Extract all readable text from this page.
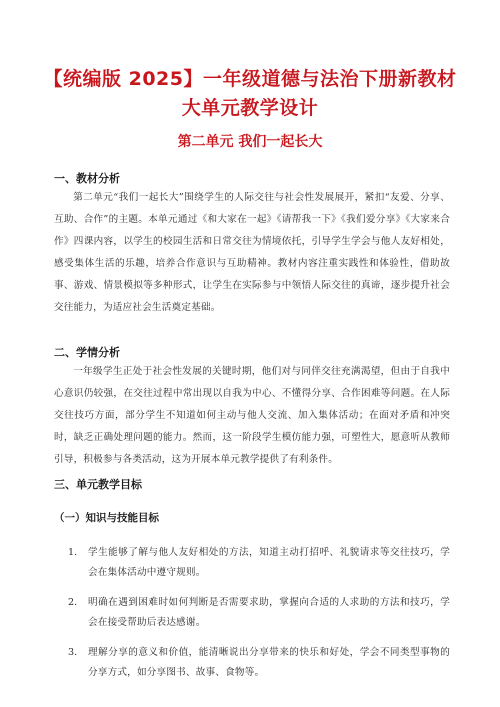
【统编版 2025】一年级道德与法治下册新教材
大单元教学设计
第二单元 我们一起长大
一、教材分析
第二单元“我们一起长大”围绕学生的人际交往与社会性发展展开，紧扣“友爱、分享、互助、合作”的主题。本单元通过《和大家在一起》《请帮我一下》《我们爱分享》《大家来合作》四课内容，以学生的校园生活和日常交往为情境依托，引导学生学会与他人友好相处，感受集体生活的乐趣，培养合作意识与互助精神。教材内容注重实践性和体验性，借助故事、游戏、情景模拟等多种形式，让学生在实际参与中领悟人际交往的真谛，逐步提升社会交往能力，为适应社会生活奠定基础。
二、学情分析
一年级学生正处于社会性发展的关键时期，他们对与同伴交往充满渴望，但由于自我中心意识仍较强，在交往过程中常出现以自我为中心、不懂得分享、合作困难等问题。在人际交往技巧方面，部分学生不知道如何主动与他人交流、加入集体活动；在面对矛盾和冲突时，缺乏正确处理问题的能力。然而，这一阶段学生模仿能力强，可塑性大，愿意听从教师引导，积极参与各类活动，这为开展本单元教学提供了有利条件。
三、单元教学目标
（一）知识与技能目标
1.	学生能够了解与他人友好相处的方法，知道主动打招呼、礼貌请求等交往技巧，学会在集体活动中遵守规则。
2.	明确在遇到困难时如何判断是否需要求助，掌握向合适的人求助的方法和技巧，学会在接受帮助后表达感谢。
3.	理解分享的意义和价值，能清晰说出分享带来的快乐和好处，学会不同类型事物的分享方式，如分享图书、故事、食物等。
